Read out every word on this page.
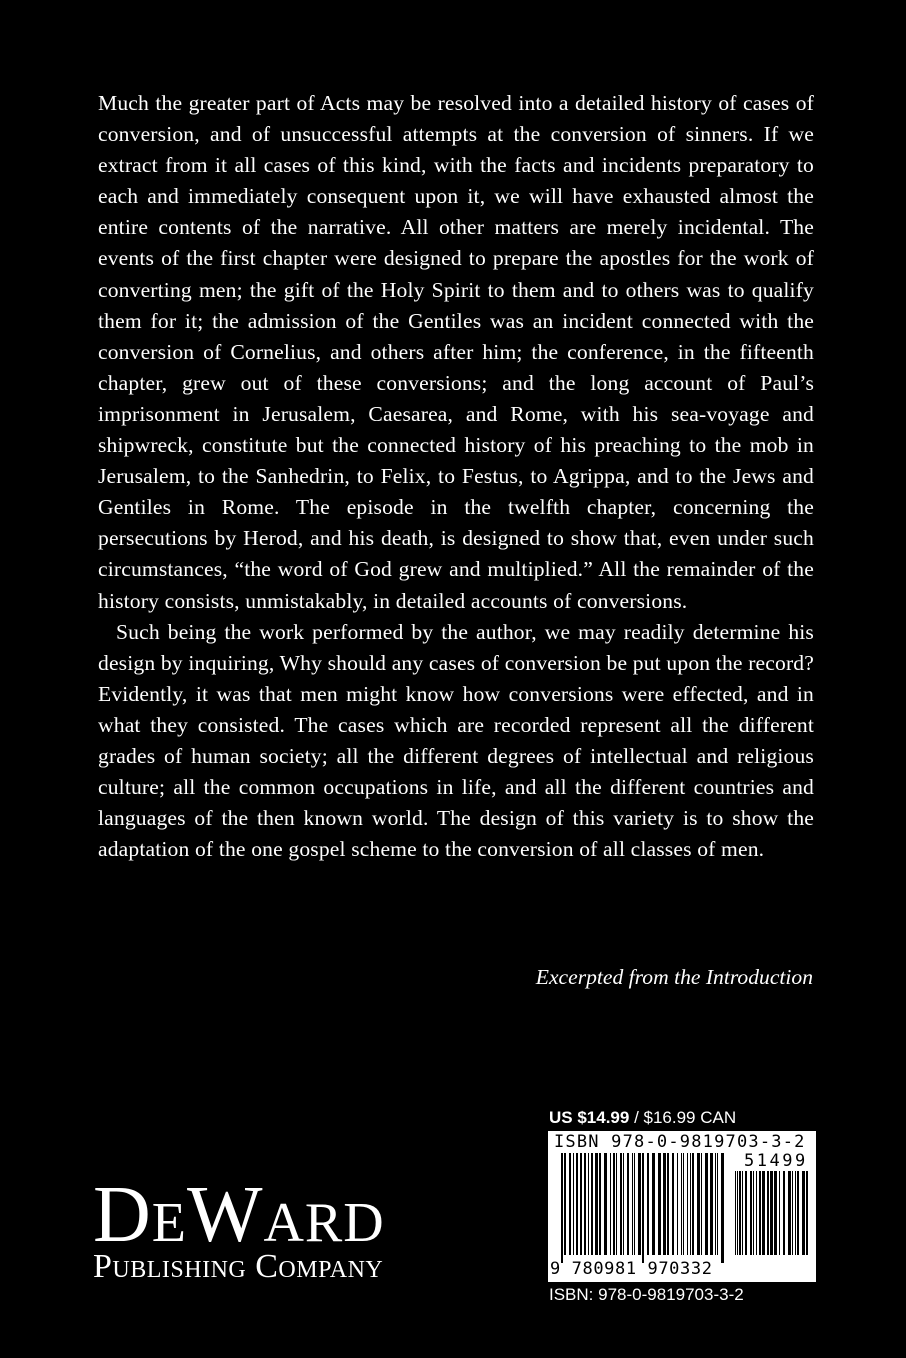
Much the greater part of Acts may be resolved into a detailed history of cases of conversion, and of unsuccessful attempts at the conversion of sinners. If we extract from it all cases of this kind, with the facts and incidents preparatory to each and immediately consequent upon it, we will have exhausted almost the entire contents of the narrative. All other matters are merely incidental. The events of the first chapter were designed to prepare the apostles for the work of converting men; the gift of the Holy Spirit to them and to others was to qualify them for it; the admission of the Gentiles was an incident connected with the conversion of Cornelius, and others after him; the conference, in the fifteenth chapter, grew out of these conversions; and the long account of Paul’s imprisonment in Jerusalem, Caesarea, and Rome, with his sea-voyage and shipwreck, constitute but the connected history of his preaching to the mob in Jerusalem, to the Sanhedrin, to Felix, to Festus, to Agrippa, and to the Jews and Gentiles in Rome. The episode in the twelfth chapter, concerning the persecutions by Herod, and his death, is designed to show that, even under such circumstances, “the word of God grew and multiplied.” All the remainder of the history consists, unmistakably, in detailed accounts of conversions.

Such being the work performed by the author, we may readily determine his design by inquiring, Why should any cases of conversion be put upon the record? Evidently, it was that men might know how conversions were effected, and in what they consisted. The cases which are recorded represent all the different grades of human society; all the different degrees of intellectual and religious culture; all the common occupations in life, and all the different countries and languages of the then known world. The design of this variety is to show the adaptation of the one gospel scheme to the conversion of all classes of men.

Excerpted from the Introduction
DeWard
Publishing Company
US $14.99 / $16.99 CAN
ISBN 978-0-9819703-3-2
51499
9 780981 970332
ISBN: 978-0-9819703-3-2
